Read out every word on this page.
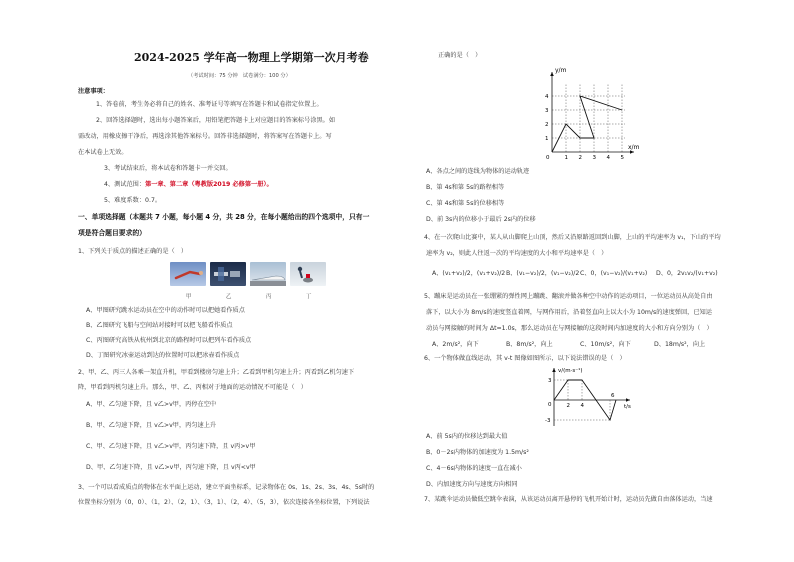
2024-2025 学年高一物理上学期第一次月考卷
（考试时间：75 分钟　试卷满分：100 分）
注意事项：
1、答卷前，考生务必将自己的姓名、准考证号等填写在答题卡和试卷指定位置上。
2、回答选择题时，选出每小题答案后，用铅笔把答题卡上对应题目的答案标号涂黑。如
需改动，用橡皮擦干净后，再选涂其他答案标号。回答非选择题时，将答案写在答题卡上。写
在本试卷上无效。
3、考试结束后，将本试卷和答题卡一并交回。
4、测试范围：第一章、第二章（粤教版2019 必修第一册）。
5、难度系数：0.7。
一、单项选择题（本题共 7 小题，每小题 4 分，共 28 分，在每小题给出的四个选项中，只有一
项是符合题目要求的）
1、下列关于质点的描述正确的是（　）
甲	乙	丙	丁
A、甲图研究跳水运动员在空中的动作时可以把她看作质点
B、乙图研究飞船与空间站对接时可以把飞船看作质点
C、丙图研究高铁从杭州到北京的路程时可以把列车看作质点
D、丁图研究冰壶运动到达的位置时可以把冰壶看作质点
2、甲、乙、丙三人各乘一架直升机，甲看到楼房匀速上升；乙看到甲机匀速上升；丙看到乙机匀速下
降，甲看到丙机匀速上升。那么，甲、乙、丙相对于地面的运动情况不可能是（　）
A、甲、乙匀速下降，且 v乙>v甲，丙停在空中
B、甲、乙匀速下降，且 v乙>v甲，丙匀速上升
C、甲、乙匀速下降，且 v乙>v甲，丙匀速下降，且 v丙>v甲
D、甲、乙匀速下降，且 v乙>v甲，丙匀速下降，且 v丙<v甲
3、一个可以看成质点的物体在水平面上运动，建立平面坐标系，记录物体在 0s、1s、2s、3s、4s、5s时的
位置坐标分别为（0，0）、（1，2）、（2，1）、（3，1）、（2，4）、（5，3），依次连接各坐标位置，下列说法
正确的是（　）
y/m
x/m
0	1 2 3 4 5
1
2
3
4
A、各点之间的连线为物体的运动轨迹
B、第 4s和第 5s的路程相等
C、第 4s和第 5s的位移相等
D、前 3s内的位移小于最后 2s内的位移
4、在一次爬山比赛中，某人从山脚爬上山顶，然后又沿原路返回到山脚，上山的平均速率为 v₁，下山的平均
速率为 v₂，则此人往返一次的平均速度的大小和平均速率是（　）
A、(v₁+v₂)/2，(v₁+v₂)/2 B、(v₁−v₂)/2，(v₁−v₂)/2 C、0，(v₁−v₂)/(v₁+v₂) D、0，2v₁v₂/(v₁+v₂)
5、蹦床是运动员在一张绷紧的弹性网上蹦跳、翻滚并做各种空中动作的运动项目，一位运动员从高处自由
落下，以大小为 8m/s的速度竖直着网，与网作用后，沿着竖直向上以大小为 10m/s的速度弹回，已知运
动员与网接触的时间为 Δt=1.0s，那么运动员在与网接触的这段时间内加速度的大小和方向分别为（　）
A、2m/s²，向下	B、8m/s²，向上	C、10m/s²，向下	D、18m/s²，向上
6、一个物体做直线运动，其 v-t 图像如图所示，以下说法错误的是（　）
v/(m·s⁻¹)
t/s
0
3
-3
2 4
6
A、前 5s内的位移达到最大值
B、0－2s内物体的加速度为 1.5m/s²
C、4－6s内物体的速度一直在减小
D、内加速度方向与速度方向相同
7、某跳伞运动员做低空跳伞表演，从该运动员离开悬停的飞机开始计时，运动员先做自由落体运动，当速
